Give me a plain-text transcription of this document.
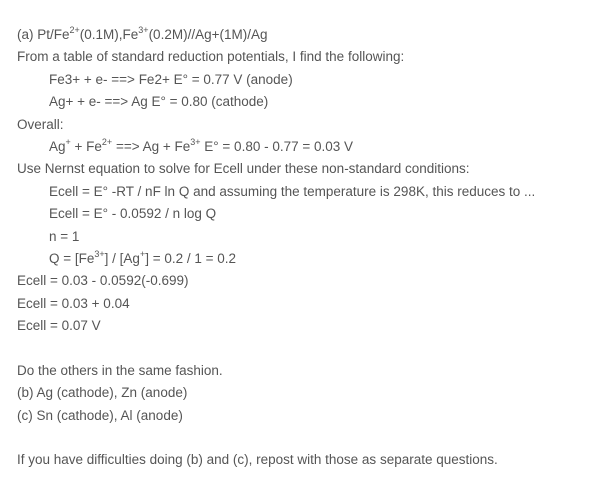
(a) $Pt/Fe^{2+}(0.1M),Fe^{3+}(0.2M)//Ag+(1M)/Ag$
From a table of standard reduction potentials, I find the following:
Fe3+ + e- ==> Fe2+ E° = 0.77 V (anode)
Ag+ + e- ==> Ag E° = 0.80 (cathode)
Overall:
$Ag^+ + Fe^{2+}$ ==> $Ag + Fe^{3+}$ E° = 0.80 - 0.77 = 0.03 V
Use Nernst equation to solve for Ecell under these non-standard conditions:
Ecell = E° -RT / nF ln Q and assuming the temperature is 298K, this reduces to ...
Ecell = E° - 0.0592 / n log Q
n = 1
$Q = [Fe^{3+}] / [Ag^+] = 0.2 / 1 = 0.2$
Ecell = 0.03 - 0.0592(-0.699)
Ecell = 0.03 + 0.04
Ecell = 0.07 V
Do the others in the same fashion.
(b) Ag (cathode), Zn (anode)
(c) Sn (cathode), Al (anode)
If you have difficulties doing (b) and (c), repost with those as separate questions.
